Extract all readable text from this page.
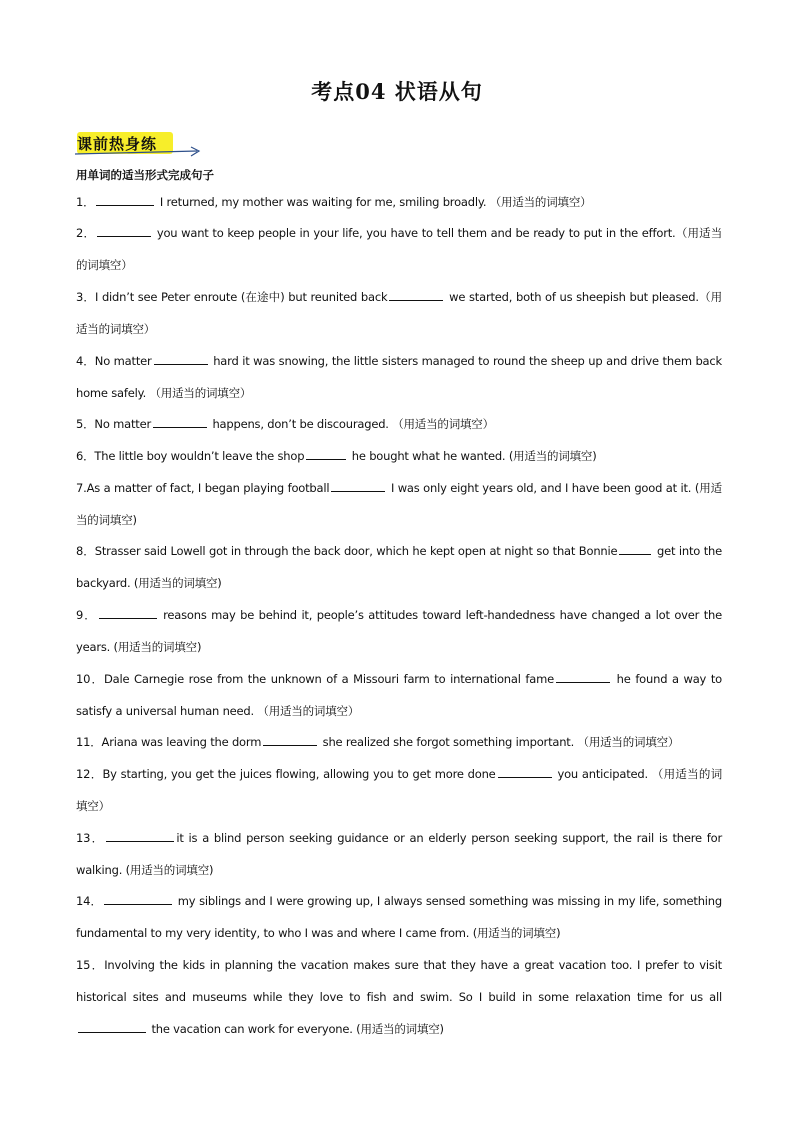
考点04 状语从句
课前热身练
用单词的适当形式完成句子
1．	I returned, my mother was waiting for me, smiling broadly. （用适当的词填空）
2．	you want to keep people in your life, you have to tell them and be ready to put in the effort.（用适当的词填空）
3．I didn’t see Peter enroute (在途中) but reunited back	we started, both of us sheepish but pleased.（用适当的词填空）
4．No matter	hard it was snowing, the little sisters managed to round the sheep up and drive them back home safely. （用适当的词填空）
5．No matter	happens, don’t be discouraged. （用适当的词填空）
6．The little boy wouldn’t leave the shop	he bought what he wanted. (用适当的词填空)
7.As a matter of fact, I began playing football	I was only eight years old, and I have been good at it. (用适当的词填空)
8．Strasser said Lowell got in through the back door, which he kept open at night so that Bonnie	get into the backyard. (用适当的词填空)
9．	reasons may be behind it, people’s attitudes toward left-handedness have changed a lot over the years. (用适当的词填空)
10．Dale Carnegie rose from the unknown of a Missouri farm to international fame	he found a way to satisfy a universal human need. （用适当的词填空）
11．Ariana was leaving the dorm	she realized she forgot something important. （用适当的词填空）
12．By starting, you get the juices flowing, allowing you to get more done	you anticipated. （用适当的词填空）
13．	it is a blind person seeking guidance or an elderly person seeking support, the rail is there for walking. (用适当的词填空)
14．	my siblings and I were growing up, I always sensed something was missing in my life, something fundamental to my very identity, to who I was and where I came from. (用适当的词填空)
15．Involving the kids in planning the vacation makes sure that they have a great vacation too. I prefer to visit historical sites and museums while they love to fish and swim. So I build in some relaxation time for us all the vacation can work for everyone. (用适当的词填空)
